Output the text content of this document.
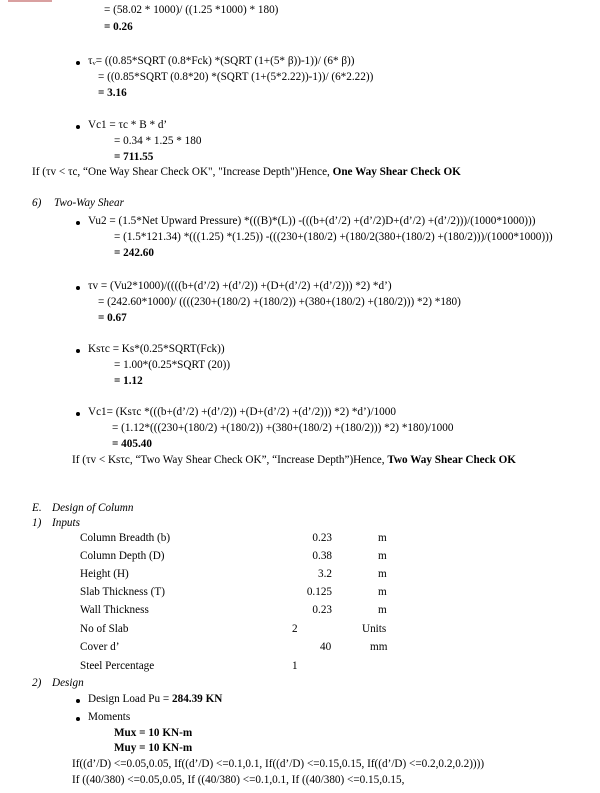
= (58.02 * 1000)/ ((1.25 *1000) * 180)
= 0.26
τᵥ= ((0.85*SQRT (0.8*Fck) *(SQRT (1+(5* β))-1))/ (6* β))
= ((0.85*SQRT (0.8*20) *(SQRT (1+(5*2.22))-1))/ (6*2.22))
= 3.16
Vc1 = τc * B * d’
= 0.34 * 1.25 * 180
= 711.55
If (τv < τc, “One Way Shear Check OK", "Increase Depth")Hence, One Way Shear Check OK
6) Two-Way Shear
Vu2 = (1.5*Net Upward Pressure) *(((B)*(L)) -(((b+(d’/2) +(d’/2)D+(d’/2) +(d’/2)))/(1000*1000)))
= (1.5*121.34) *(((1.25) *(1.25)) -(((230+(180/2) +(180/2(380+(180/2) +(180/2)))/(1000*1000)))
= 242.60
τv = (Vu2*1000)/((((b+(d’/2) +(d’/2)) +(D+(d’/2) +(d’/2))) *2) *d’)
= (242.60*1000)/ ((((230+(180/2) +(180/2)) +(380+(180/2) +(180/2))) *2) *180)
= 0.67
Ksτc = Ks*(0.25*SQRT(Fck))
= 1.00*(0.25*SQRT (20))
= 1.12
Vc1= (Ksτc *(((b+(d’/2) +(d’/2)) +(D+(d’/2) +(d’/2))) *2) *d’)/1000
= (1.12*(((230+(180/2) +(180/2)) +(380+(180/2) +(180/2))) *2) *180)/1000
= 405.40
If (τv < Ksτc, “Two Way Shear Check OK”, “Increase Depth”)Hence, Two Way Shear Check OK
E. Design of Column
1) Inputs
Column Breadth (b)	0.23	m
Column Depth (D)	0.38	m
Height (H)	3.2	m
Slab Thickness (T)	0.125	m
Wall Thickness	0.23	m
No of Slab	2	Units
Cover d’	40	mm
Steel Percentage	1
2) Design
Design Load Pu = 284.39 KN
Moments
Mux = 10 KN-m
Muy = 10 KN-m
If((d’/D) <=0.05,0.05, If((d’/D) <=0.1,0.1, If((d’/D) <=0.15,0.15, If((d’/D) <=0.2,0.2,0.2))))
If ((40/380) <=0.05,0.05, If ((40/380) <=0.1,0.1, If ((40/380) <=0.15,0.15,
